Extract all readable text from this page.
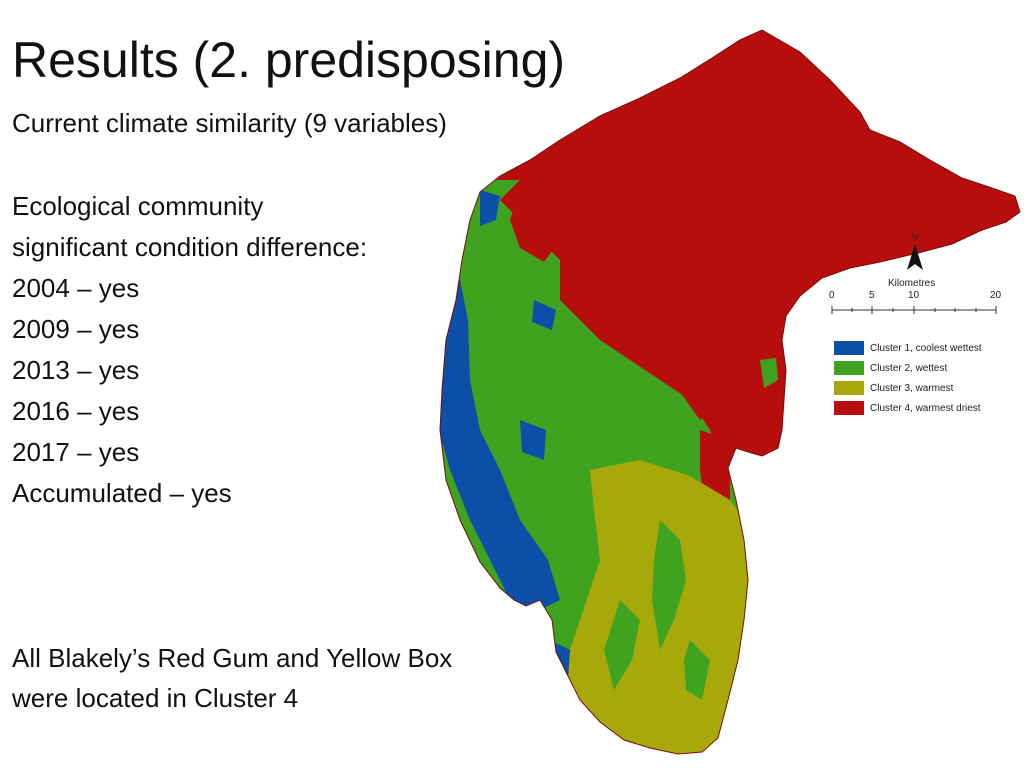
Results (2. predisposing)
Current climate similarity (9 variables)
Ecological community
significant condition difference:
2004 – yes
2009 – yes
2013 – yes
2016 – yes
2017 – yes
Accumulated – yes
All Blakely’s Red Gum and Yellow Box
were located in Cluster 4
N
Kilometres
0	5	10	20
Cluster 1, coolest wettest
Cluster 2, wettest
Cluster 3, warmest
Cluster 4, warmest driest
